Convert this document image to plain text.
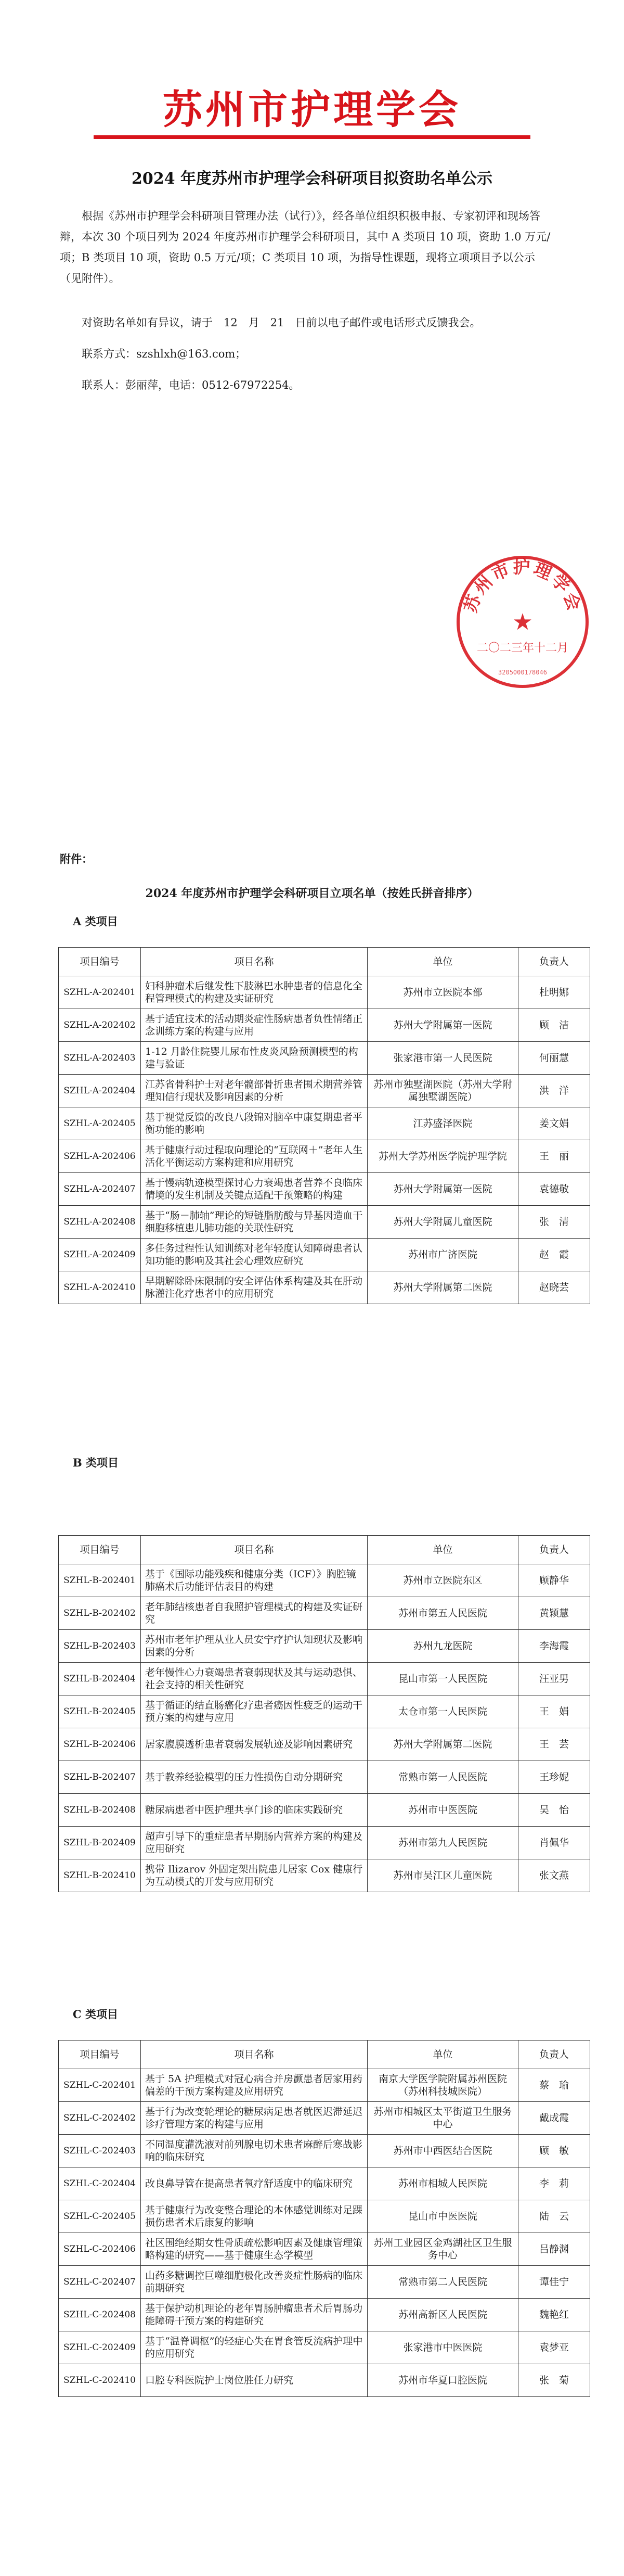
苏州市护理学会
2024 年度苏州市护理学会科研项目拟资助名单公示

根据《苏州市护理学会科研项目管理办法（试行）》，经各单位组织积极申报、专家初评和现场答辩，本次 30 个项目列为 2024 年度苏州市护理学会科研项目，其中 A 类项目 10 项，资助 1.0 万元/项；B 类项目 10 项，资助 0.5 万元/项；C 类项目 10 项，为指导性课题，现将立项项目予以公示（见附件）。

对资助名单如有异议，请于　12　月　21　日前以电子邮件或电话形式反馈我会。
联系方式：szshlxh@163.com；
联系人：彭丽萍，电话：0512-67972254。
苏州市护理学会
★
二〇二三年十二月
3205000178046
附件：
2024 年度苏州市护理学会科研项目立项名单（按姓氏拼音排序）
A 类项目
项目编号	项目名称	单位	负责人
SZHL-A-202401	妇科肿瘤术后继发性下肢淋巴水肿患者的信息化全程管理模式的构建及实证研究	苏州市立医院本部	杜明娜
SZHL-A-202402	基于适宜技术的活动期炎症性肠病患者负性情绪正念训练方案的构建与应用	苏州大学附属第一医院	顾　洁
SZHL-A-202403	1-12 月龄住院婴儿尿布性皮炎风险预测模型的构建与验证	张家港市第一人民医院	何丽慧
SZHL-A-202404	江苏省骨科护士对老年髋部骨折患者围术期营养管理知信行现状及影响因素的分析	苏州市独墅湖医院（苏州大学附属独墅湖医院）	洪　洋
SZHL-A-202405	基于视觉反馈的改良八段锦对脑卒中康复期患者平衡功能的影响	江苏盛泽医院	姜文娟
SZHL-A-202406	基于健康行动过程取向理论的“互联网＋”老年人生活化平衡运动方案构建和应用研究	苏州大学苏州医学院护理学院	王　丽
SZHL-A-202407	基于慢病轨迹模型探讨心力衰竭患者营养不良临床情境的发生机制及关键点适配干预策略的构建	苏州大学附属第一医院	袁德敬
SZHL-A-202408	基于“肠－肺轴”理论的短链脂肪酸与异基因造血干细胞移植患儿肺功能的关联性研究	苏州大学附属儿童医院	张　清
SZHL-A-202409	多任务过程性认知训练对老年轻度认知障碍患者认知功能的影响及其社会心理效应研究	苏州市广济医院	赵　霞
SZHL-A-202410	早期解除卧床限制的安全评估体系构建及其在肝动脉灌注化疗患者中的应用研究	苏州大学附属第二医院	赵晓芸
B 类项目
项目编号	项目名称	单位	负责人
SZHL-B-202401	基于《国际功能残疾和健康分类（ICF）》胸腔镜肺癌术后功能评估表目的构建	苏州市立医院东区	顾静华
SZHL-B-202402	老年肺结核患者自我照护管理模式的构建及实证研究	苏州市第五人民医院	黄颖慧
SZHL-B-202403	苏州市老年护理从业人员安宁疗护认知现状及影响因素的分析	苏州九龙医院	李海霞
SZHL-B-202404	老年慢性心力衰竭患者衰弱现状及其与运动恐惧、社会支持的相关性研究	昆山市第一人民医院	汪亚男
SZHL-B-202405	基于循证的结直肠癌化疗患者癌因性疲乏的运动干预方案的构建与应用	太仓市第一人民医院	王　娟
SZHL-B-202406	居家腹膜透析患者衰弱发展轨迹及影响因素研究	苏州大学附属第二医院	王　芸
SZHL-B-202407	基于教养经验模型的压力性损伤自动分期研究	常熟市第一人民医院	王珍妮
SZHL-B-202408	糖尿病患者中医护理共享门诊的临床实践研究	苏州市中医医院	吴　怡
SZHL-B-202409	超声引导下的重症患者早期肠内营养方案的构建及应用研究	苏州市第九人民医院	肖佩华
SZHL-B-202410	携带 Ilizarov 外固定架出院患儿居家 Cox 健康行为互动模式的开发与应用研究	苏州市吴江区儿童医院	张文燕
C 类项目
项目编号	项目名称	单位	负责人
SZHL-C-202401	基于 5A 护理模式对冠心病合并房颤患者居家用药偏差的干预方案构建及应用研究	南京大学医学院附属苏州医院（苏州科技城医院）	蔡　瑜
SZHL-C-202402	基于行为改变轮理论的糖尿病足患者就医迟滞延迟诊疗管理方案的构建与应用	苏州市相城区太平街道卫生服务中心	戴成霞
SZHL-C-202403	不同温度灌洗液对前列腺电切术患者麻醉后寒战影响的临床研究	苏州市中西医结合医院	顾　敏
SZHL-C-202404	改良鼻导管在提高患者氧疗舒适度中的临床研究	苏州市相城人民医院	李　莉
SZHL-C-202405	基于健康行为改变整合理论的本体感觉训练对足踝损伤患者术后康复的影响	昆山市中医医院	陆　云
SZHL-C-202406	社区围绝经期女性骨质疏松影响因素及健康管理策略构建的研究——基于健康生态学模型	苏州工业园区金鸡湖社区卫生服务中心	吕静渊
SZHL-C-202407	山药多糖调控巨噬细胞极化改善炎症性肠病的临床前期研究	常熟市第二人民医院	谭佳宁
SZHL-C-202408	基于保护动机理论的老年胃肠肿瘤患者术后胃肠功能障碍干预方案的构建研究	苏州高新区人民医院	魏艳红
SZHL-C-202409	基于“温脊调枢”的轻症心失在胃食管反流病护理中的应用研究	张家港市中医医院	袁梦亚
SZHL-C-202410	口腔专科医院护士岗位胜任力研究	苏州市华夏口腔医院	张　菊
